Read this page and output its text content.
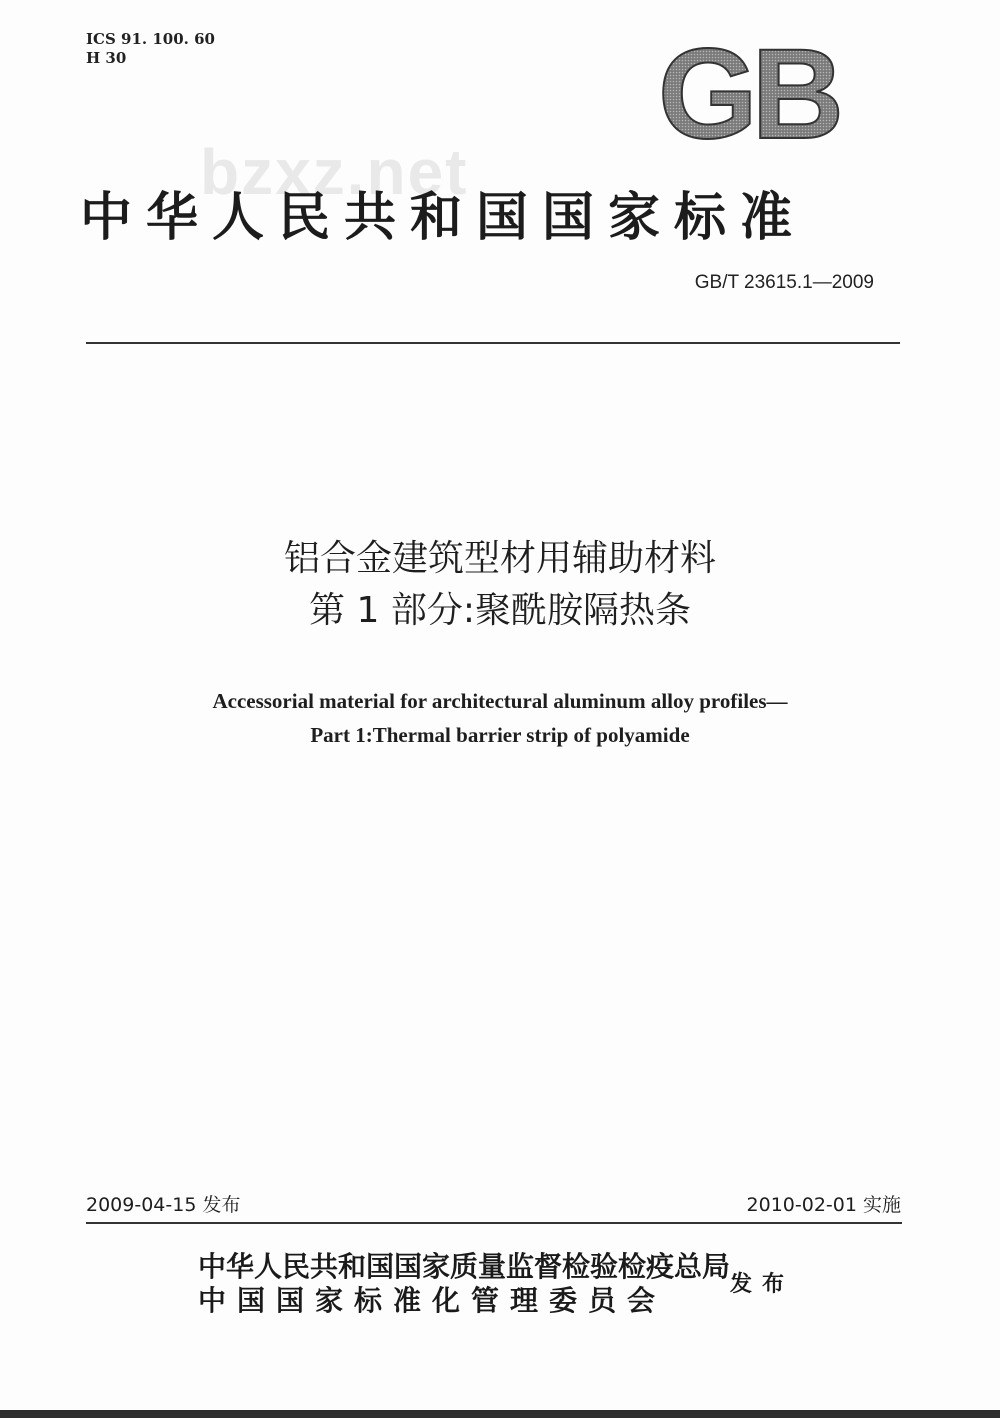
ICS 91. 100. 60
H 30	GB
bzxz.net
中华人民共和国国家标准
GB/T 23615.1—2009
铝合金建筑型材用辅助材料
第 1 部分:聚酰胺隔热条
Accessorial material for architectural aluminum alloy profiles—
Part 1:Thermal barrier strip of polyamide
2009-04-15 发布	2010-02-01 实施
中华人民共和国国家质量监督检验检疫总局
中国国家标准化管理委员会	发布
